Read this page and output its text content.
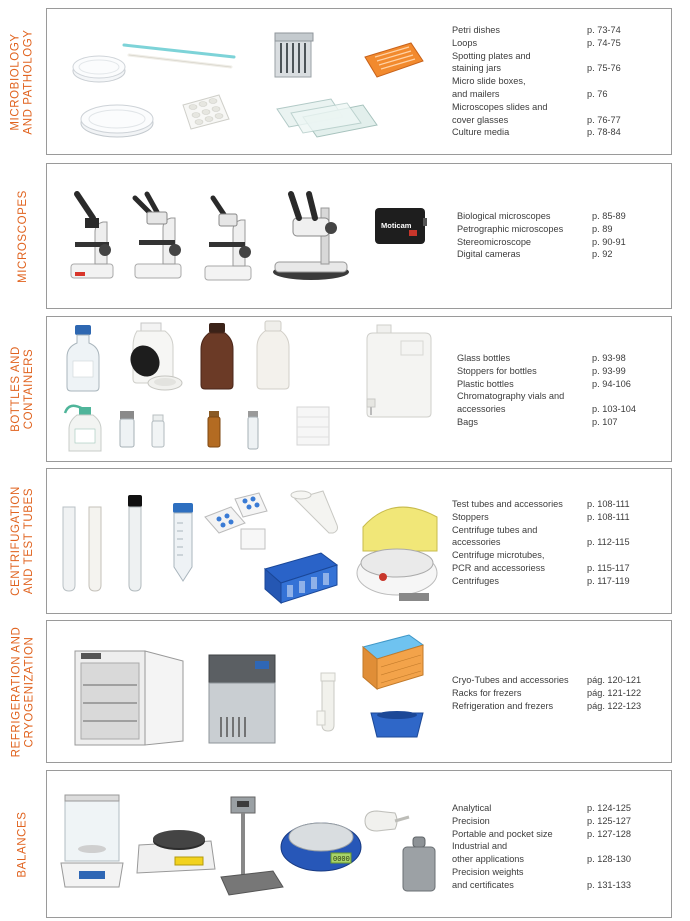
MICROBIOLOGY AND PATHOLOGY	Petri dishes	p. 73-74
Loops	p. 74-75
Spotting plates and
staining jars	p. 75-76
Micro slide boxes,
and mailers	p. 76
Microscopes slides and
cover glasses	p. 76-77
Culture media	p. 78-84
MICROSCOPES	Moticam
Biological microscopes	p. 85-89
Petrographic microscopes	p. 89
Stereomicroscope	p. 90-91
Digital cameras	p. 92
BOTTLES AND CONTAINERS	Glass bottles	p. 93-98
Stoppers for bottles	p. 93-99
Plastic bottles	p. 94-106
Chromatography vials and
accessories	p. 103-104
Bags	p. 107
CENTRIFUGATION AND TEST TUBES	Test tubes and accessories	p. 108-111
Stoppers	p. 108-111
Centrifuge tubes and
accessories	p. 112-115
Centrifuge microtubes,
PCR and accessoriess	p. 115-117
Centrifuges	p. 117-119
REFRIGERATION AND CRYOGENIZATION	Cryo-Tubes and accessories	pág. 120-121
Racks for frezers	pág. 121-122
Refrigeration and frezers	pág. 122-123
BALANCES	0000
Analytical	p. 124-125
Precision	p. 125-127
Portable and pocket size	p. 127-128
Industrial and
other applications	p. 128-130
Precision weights
and certificates	p. 131-133
